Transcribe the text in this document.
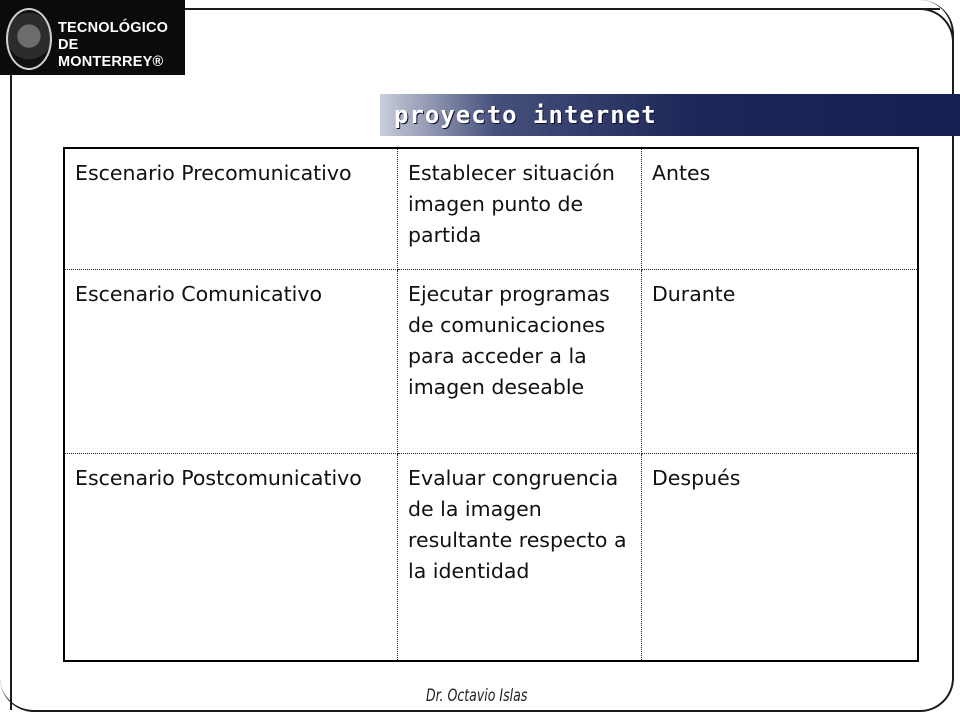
TECNOLÓGICO
DE MONTERREY®
proyecto internet
Escenario Precomunicativo	Establecer situación imagen punto de partida	Antes
Escenario Comunicativo	Ejecutar programas de comunicaciones para acceder a la imagen deseable	Durante
Escenario Postcomunicativo	Evaluar congruencia de la imagen resultante respecto a la identidad	Después
Dr. Octavio Islas
